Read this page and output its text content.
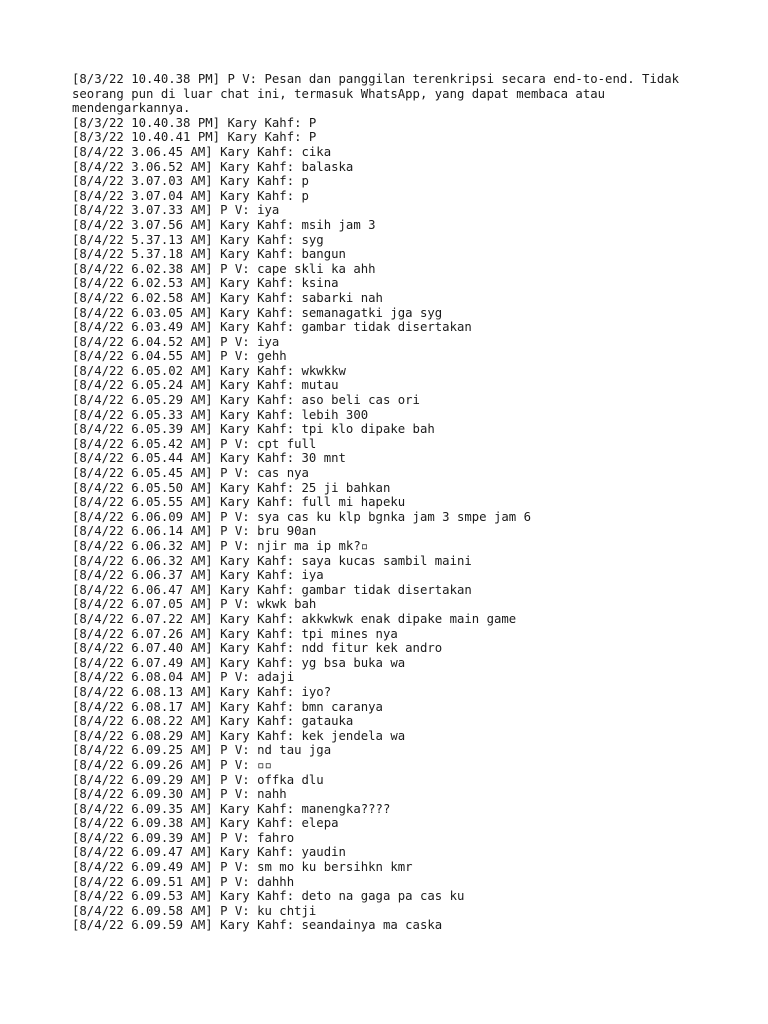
[8/3/22 10.40.38 PM] P V: Pesan dan panggilan terenkripsi secara end-to-end. Tidak seorang pun di luar chat ini, termasuk WhatsApp, yang dapat membaca atau mendengarkannya.
[8/3/22 10.40.38 PM] Kary Kahf: P
[8/3/22 10.40.41 PM] Kary Kahf: P
[8/4/22 3.06.45 AM] Kary Kahf: cika
[8/4/22 3.06.52 AM] Kary Kahf: balaska
[8/4/22 3.07.03 AM] Kary Kahf: p
[8/4/22 3.07.04 AM] Kary Kahf: p
[8/4/22 3.07.33 AM] P V: iya
[8/4/22 3.07.56 AM] Kary Kahf: msih jam 3
[8/4/22 5.37.13 AM] Kary Kahf: syg
[8/4/22 5.37.18 AM] Kary Kahf: bangun
[8/4/22 6.02.38 AM] P V: cape skli ka ahh
[8/4/22 6.02.53 AM] Kary Kahf: ksina
[8/4/22 6.02.58 AM] Kary Kahf: sabarki nah
[8/4/22 6.03.05 AM] Kary Kahf: semanagatki jga syg
[8/4/22 6.03.49 AM] Kary Kahf: gambar tidak disertakan
[8/4/22 6.04.52 AM] P V: iya
[8/4/22 6.04.55 AM] P V: gehh
[8/4/22 6.05.02 AM] Kary Kahf: wkwkkw
[8/4/22 6.05.24 AM] Kary Kahf: mutau
[8/4/22 6.05.29 AM] Kary Kahf: aso beli cas ori
[8/4/22 6.05.33 AM] Kary Kahf: lebih 300
[8/4/22 6.05.39 AM] Kary Kahf: tpi klo dipake bah
[8/4/22 6.05.42 AM] P V: cpt full
[8/4/22 6.05.44 AM] Kary Kahf: 30 mnt
[8/4/22 6.05.45 AM] P V: cas nya
[8/4/22 6.05.50 AM] Kary Kahf: 25 ji bahkan
[8/4/22 6.05.55 AM] Kary Kahf: full mi hapeku
[8/4/22 6.06.09 AM] P V: sya cas ku klp bgnka jam 3 smpe jam 6
[8/4/22 6.06.14 AM] P V: bru 90an
[8/4/22 6.06.32 AM] P V: njir ma ip mk?▫
[8/4/22 6.06.32 AM] Kary Kahf: saya kucas sambil maini
[8/4/22 6.06.37 AM] Kary Kahf: iya
[8/4/22 6.06.47 AM] Kary Kahf: gambar tidak disertakan
[8/4/22 6.07.05 AM] P V: wkwk bah
[8/4/22 6.07.22 AM] Kary Kahf: akkwkwk enak dipake main game
[8/4/22 6.07.26 AM] Kary Kahf: tpi mines nya
[8/4/22 6.07.40 AM] Kary Kahf: ndd fitur kek andro
[8/4/22 6.07.49 AM] Kary Kahf: yg bsa buka wa
[8/4/22 6.08.04 AM] P V: adaji
[8/4/22 6.08.13 AM] Kary Kahf: iyo?
[8/4/22 6.08.17 AM] Kary Kahf: bmn caranya
[8/4/22 6.08.22 AM] Kary Kahf: gatauka
[8/4/22 6.08.29 AM] Kary Kahf: kek jendela wa
[8/4/22 6.09.25 AM] P V: nd tau jga
[8/4/22 6.09.26 AM] P V: ▫▫
[8/4/22 6.09.29 AM] P V: offka dlu
[8/4/22 6.09.30 AM] P V: nahh
[8/4/22 6.09.35 AM] Kary Kahf: manengka????
[8/4/22 6.09.38 AM] Kary Kahf: elepa
[8/4/22 6.09.39 AM] P V: fahro
[8/4/22 6.09.47 AM] Kary Kahf: yaudin
[8/4/22 6.09.49 AM] P V: sm mo ku bersihkn kmr
[8/4/22 6.09.51 AM] P V: dahhh
[8/4/22 6.09.53 AM] Kary Kahf: deto na gaga pa cas ku
[8/4/22 6.09.58 AM] P V: ku chtji
[8/4/22 6.09.59 AM] Kary Kahf: seandainya ma caska
